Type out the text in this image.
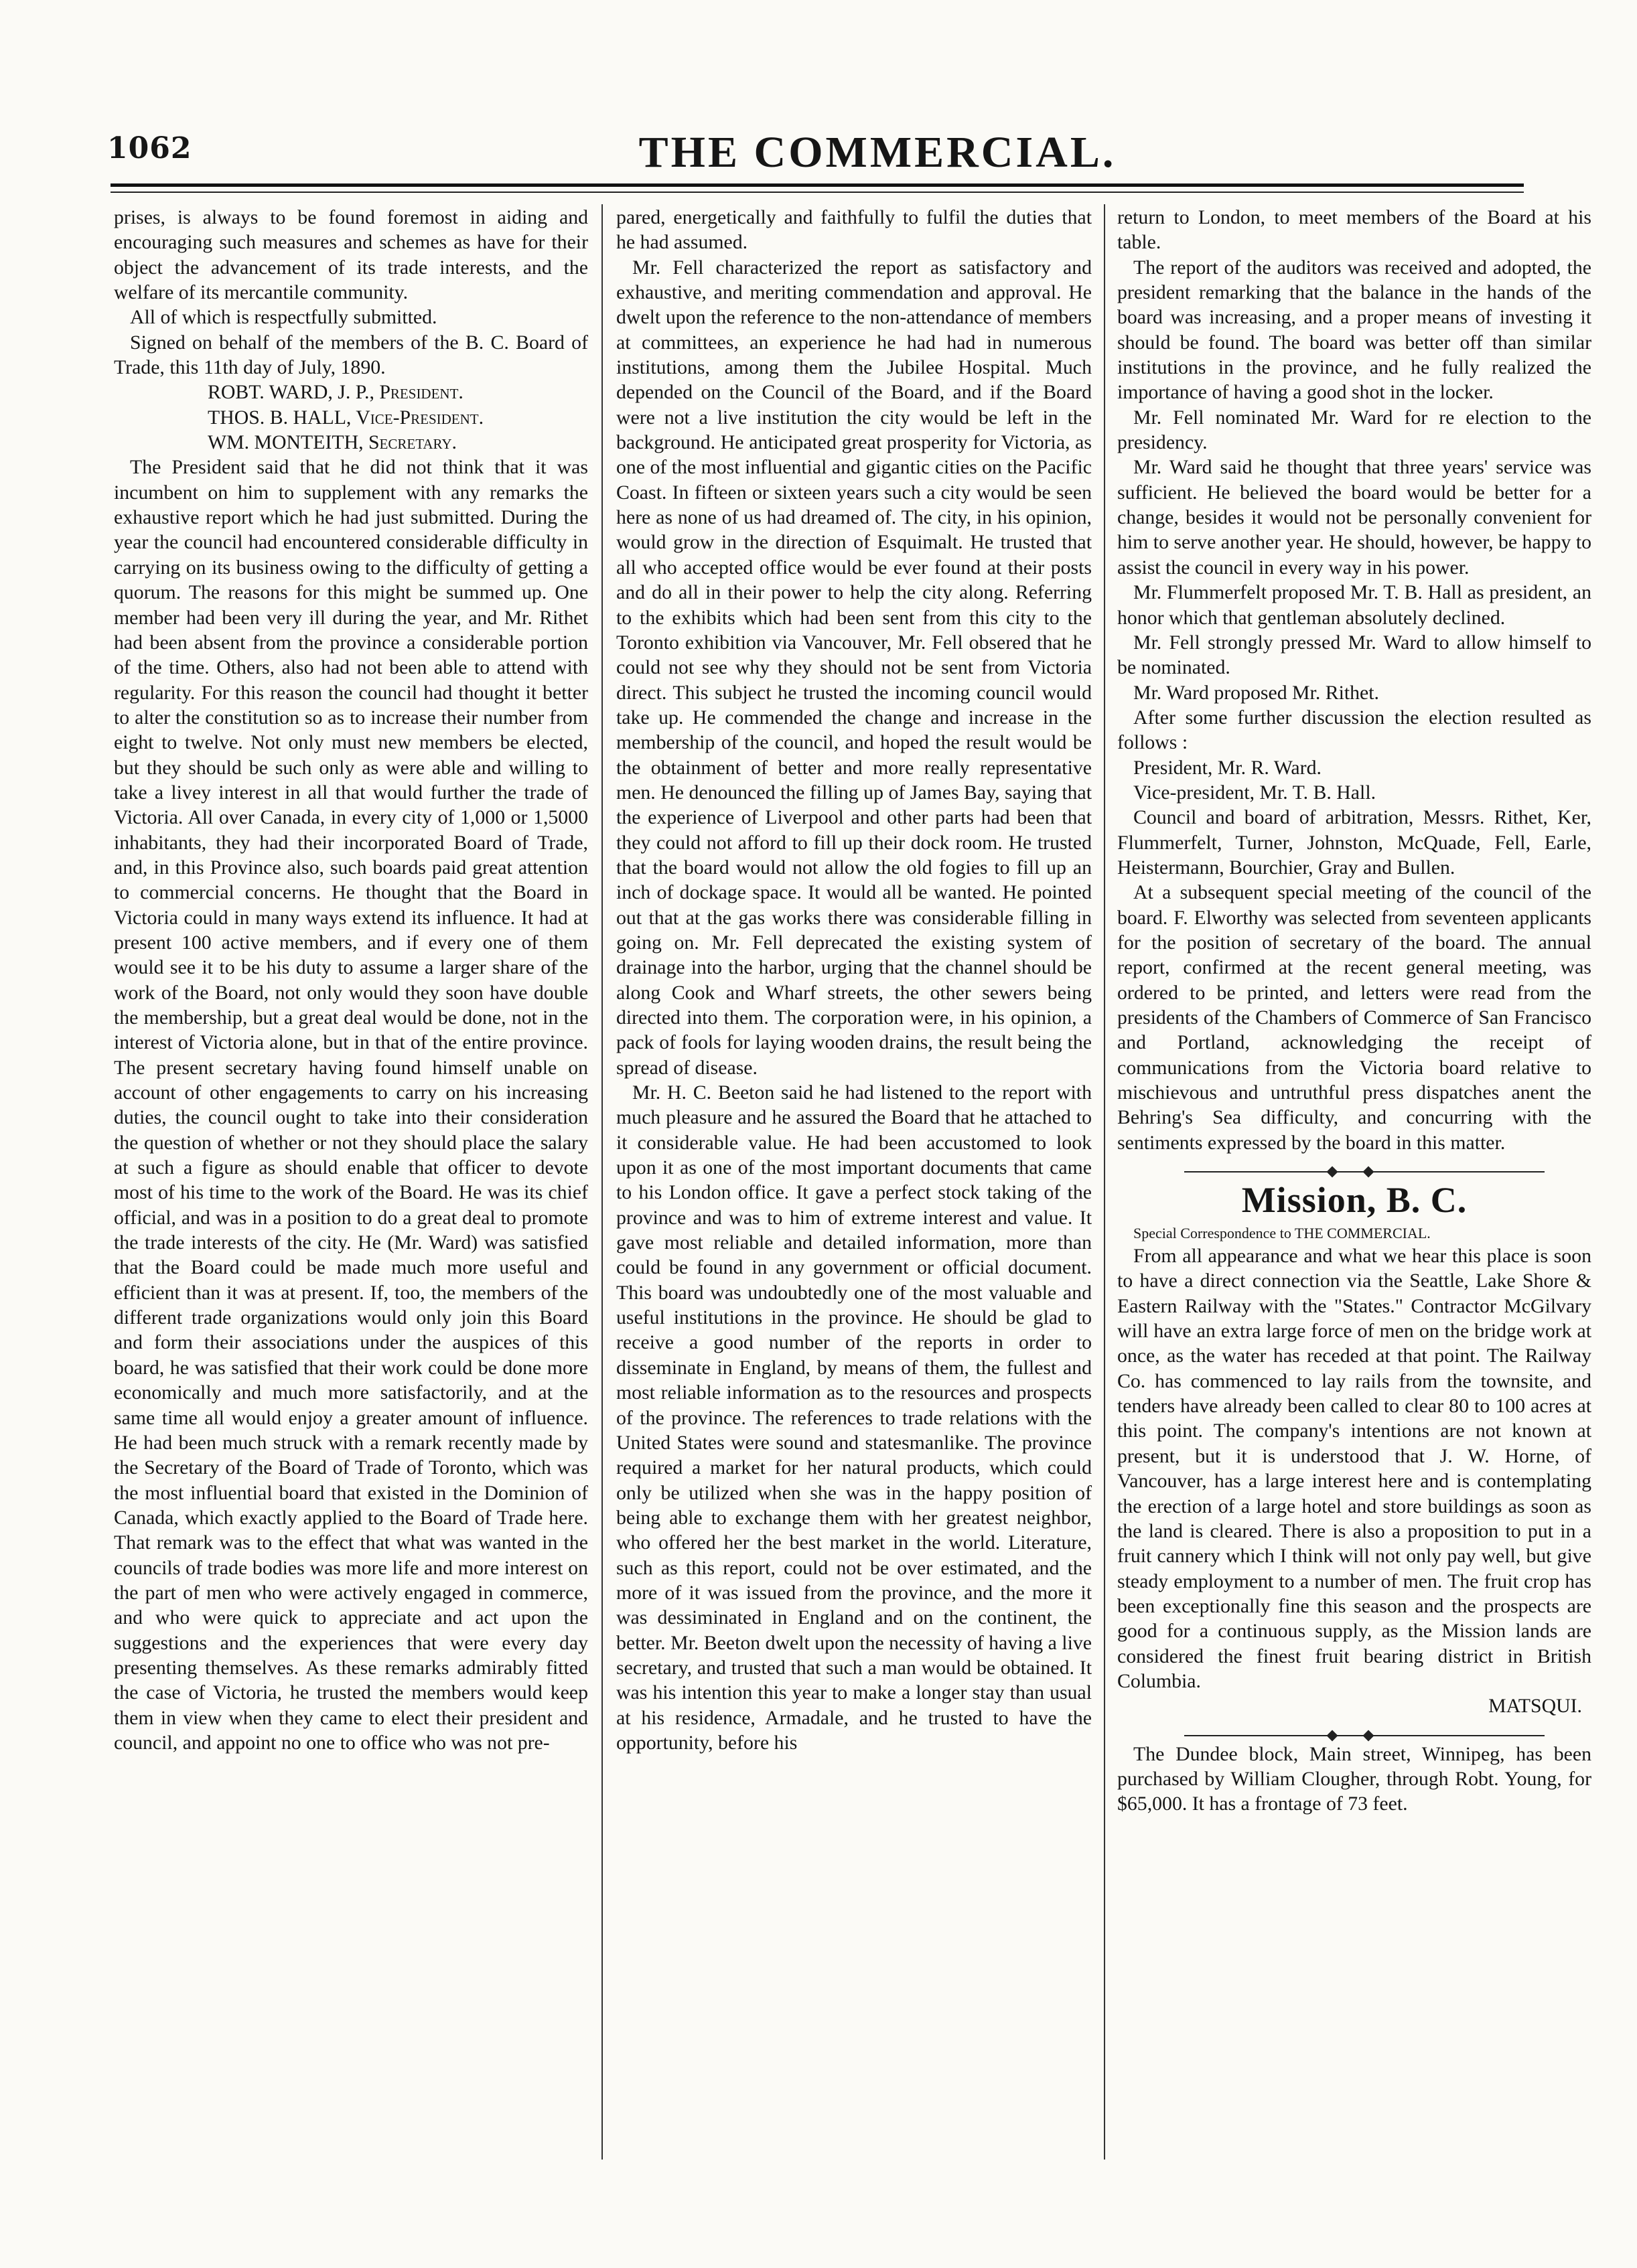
1062	THE COMMERCIAL.

prises, is always to be found foremost in aiding and encouraging such measures and schemes as have for their object the advancement of its trade interests, and the welfare of its mercantile community.

All of which is respectfully submitted.

Signed on behalf of the members of the B. C. Board of Trade, this 11th day of July, 1890.

ROBT. WARD, J. P., President.

THOS. B. HALL, Vice-President.

WM. MONTEITH, Secretary.

The President said that he did not think that it was incumbent on him to supplement with any remarks the exhaustive report which he had just submitted. During the year the council had encountered considerable difficulty in carrying on its business owing to the difficulty of getting a quorum. The reasons for this might be summed up. One member had been very ill during the year, and Mr. Rithet had been absent from the province a considerable portion of the time. Others, also had not been able to attend with regularity. For this reason the council had thought it better to alter the constitution so as to increase their number from eight to twelve. Not only must new members be elected, but they should be such only as were able and willing to take a livey interest in all that would further the trade of Victoria. All over Canada, in every city of 1,000 or 1,5000 inhabitants, they had their incorporated Board of Trade, and, in this Province also, such boards paid great attention to commercial concerns. He thought that the Board in Victoria could in many ways extend its influence. It had at present 100 active members, and if every one of them would see it to be his duty to assume a larger share of the work of the Board, not only would they soon have double the membership, but a great deal would be done, not in the interest of Victoria alone, but in that of the entire province. The present secretary having found himself unable on account of other engagements to carry on his increasing duties, the council ought to take into their consideration the question of whether or not they should place the salary at such a figure as should enable that officer to devote most of his time to the work of the Board. He was its chief official, and was in a position to do a great deal to promote the trade interests of the city. He (Mr. Ward) was satisfied that the Board could be made much more useful and efficient than it was at present. If, too, the members of the different trade organizations would only join this Board and form their associations under the auspices of this board, he was satisfied that their work could be done more economically and much more satisfactorily, and at the same time all would enjoy a greater amount of influence. He had been much struck with a remark recently made by the Secretary of the Board of Trade of Toronto, which was the most influential board that existed in the Dominion of Canada, which exactly applied to the Board of Trade here. That remark was to the effect that what was wanted in the councils of trade bodies was more life and more interest on the part of men who were actively engaged in commerce, and who were quick to appreciate and act upon the suggestions and the experiences that were every day presenting themselves. As these remarks admirably fitted the case of Victoria, he trusted the members would keep them in view when they came to elect their president and council, and appoint no one to office who was not pre-

pared, energetically and faithfully to fulfil the duties that he had assumed.

Mr. Fell characterized the report as satisfactory and exhaustive, and meriting commendation and approval. He dwelt upon the reference to the non-attendance of members at committees, an experience he had had in numerous institutions, among them the Jubilee Hospital. Much depended on the Council of the Board, and if the Board were not a live institution the city would be left in the background. He anticipated great prosperity for Victoria, as one of the most influential and gigantic cities on the Pacific Coast. In fifteen or sixteen years such a city would be seen here as none of us had dreamed of. The city, in his opinion, would grow in the direction of Esquimalt. He trusted that all who accepted office would be ever found at their posts and do all in their power to help the city along. Referring to the exhibits which had been sent from this city to the Toronto exhibition via Vancouver, Mr. Fell obsered that he could not see why they should not be sent from Victoria direct. This subject he trusted the incoming council would take up. He commended the change and increase in the membership of the council, and hoped the result would be the obtainment of better and more really representative men. He denounced the filling up of James Bay, saying that the experience of Liverpool and other parts had been that they could not afford to fill up their dock room. He trusted that the board would not allow the old fogies to fill up an inch of dockage space. It would all be wanted. He pointed out that at the gas works there was considerable filling in going on. Mr. Fell deprecated the existing system of drainage into the harbor, urging that the channel should be along Cook and Wharf streets, the other sewers being directed into them. The corporation were, in his opinion, a pack of fools for laying wooden drains, the result being the spread of disease.

Mr. H. C. Beeton said he had listened to the report with much pleasure and he assured the Board that he attached to it considerable value. He had been accustomed to look upon it as one of the most important documents that came to his London office. It gave a perfect stock taking of the province and was to him of extreme interest and value. It gave most reliable and detailed information, more than could be found in any government or official document. This board was undoubtedly one of the most valuable and useful institutions in the province. He should be glad to receive a good number of the reports in order to disseminate in England, by means of them, the fullest and most reliable information as to the resources and prospects of the province. The references to trade relations with the United States were sound and statesmanlike. The province required a market for her natural products, which could only be utilized when she was in the happy position of being able to exchange them with her greatest neighbor, who offered her the best market in the world. Literature, such as this report, could not be over estimated, and the more of it was issued from the province, and the more it was dessiminated in England and on the continent, the better. Mr. Beeton dwelt upon the necessity of having a live secretary, and trusted that such a man would be obtained. It was his intention this year to make a longer stay than usual at his residence, Armadale, and he trusted to have the opportunity, before his

return to London, to meet members of the Board at his table.

The report of the auditors was received and adopted, the president remarking that the balance in the hands of the board was increasing, and a proper means of investing it should be found. The board was better off than similar institutions in the province, and he fully realized the importance of having a good shot in the locker.

Mr. Fell nominated Mr. Ward for re election to the presidency.

Mr. Ward said he thought that three years' service was sufficient. He believed the board would be better for a change, besides it would not be personally convenient for him to serve another year. He should, however, be happy to assist the council in every way in his power.

Mr. Flummerfelt proposed Mr. T. B. Hall as president, an honor which that gentleman absolutely declined.

Mr. Fell strongly pressed Mr. Ward to allow himself to be nominated.

Mr. Ward proposed Mr. Rithet.

After some further discussion the election resulted as follows :

President, Mr. R. Ward.

Vice-president, Mr. T. B. Hall.

Council and board of arbitration, Messrs. Rithet, Ker, Flummerfelt, Turner, Johnston, McQuade, Fell, Earle, Heistermann, Bourchier, Gray and Bullen.

At a subsequent special meeting of the council of the board. F. Elworthy was selected from seventeen applicants for the position of secretary of the board. The annual report, confirmed at the recent general meeting, was ordered to be printed, and letters were read from the presidents of the Chambers of Commerce of San Francisco and Portland, acknowledging the receipt of communications from the Victoria board relative to mischievous and untruthful press dispatches anent the Behring's Sea difficulty, and concurring with the sentiments expressed by the board in this matter.

Mission, B. C.

Special Correspondence to THE COMMERCIAL.

From all appearance and what we hear this place is soon to have a direct connection via the Seattle, Lake Shore & Eastern Railway with the "States." Contractor McGilvary will have an extra large force of men on the bridge work at once, as the water has receded at that point. The Railway Co. has commenced to lay rails from the townsite, and tenders have already been called to clear 80 to 100 acres at this point. The company's intentions are not known at present, but it is understood that J. W. Horne, of Vancouver, has a large interest here and is contemplating the erection of a large hotel and store buildings as soon as the land is cleared. There is also a proposition to put in a fruit cannery which I think will not only pay well, but give steady employment to a number of men. The fruit crop has been exceptionally fine this season and the prospects are good for a continuous supply, as the Mission lands are considered the finest fruit bearing district in British Columbia.

MATSQUI.

The Dundee block, Main street, Winnipeg, has been purchased by William Clougher, through Robt. Young, for $65,000. It has a frontage of 73 feet.
